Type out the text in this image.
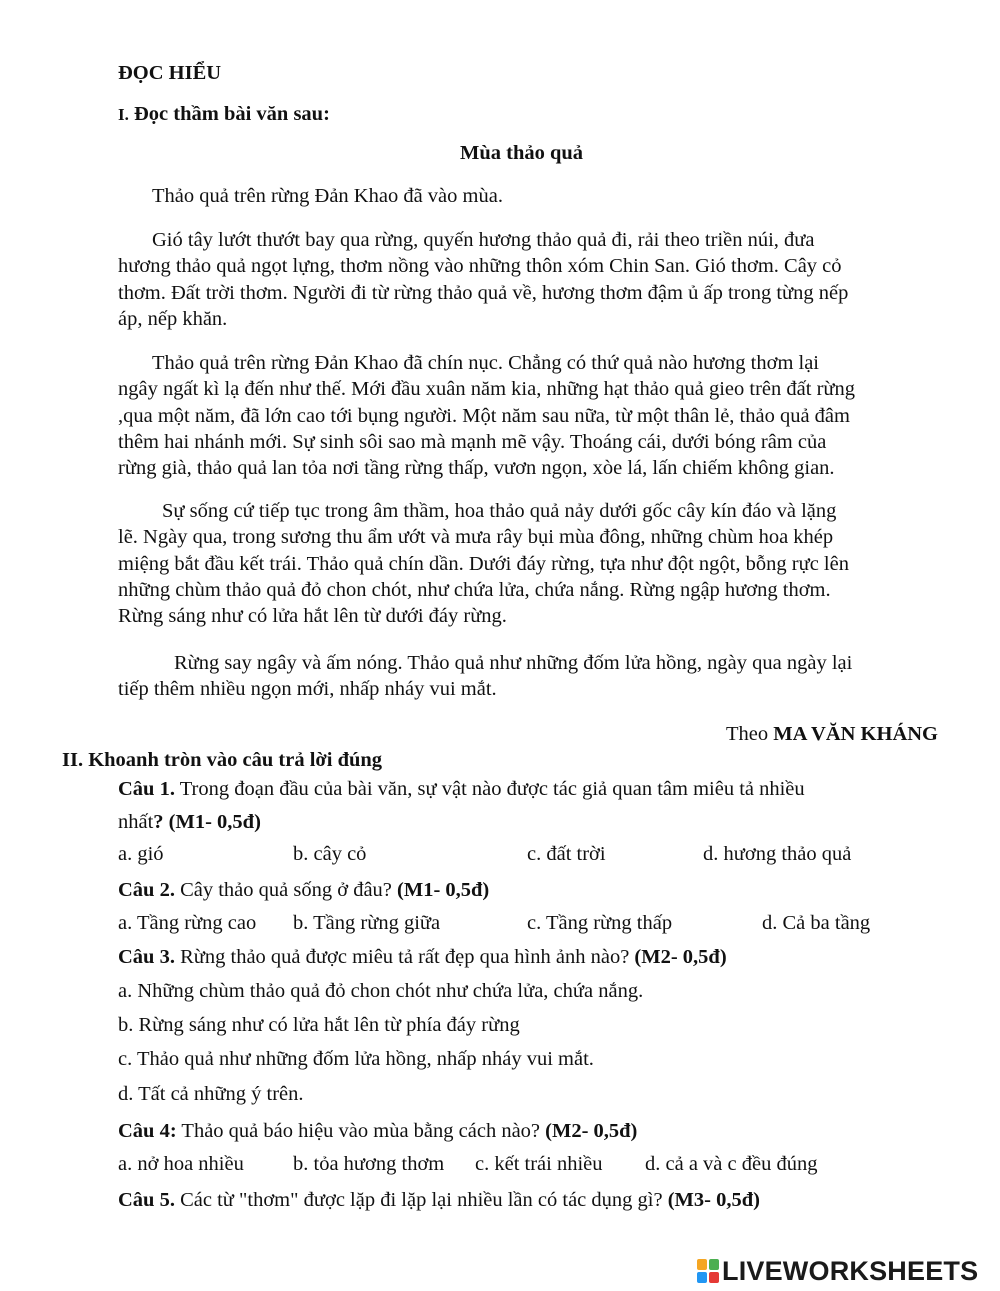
ĐỌC HIỂU
I. Đọc thầm bài văn sau:
Mùa thảo quả
Thảo quả trên rừng Đản Khao đã vào mùa.
Gió tây lướt thướt bay qua rừng, quyến hương thảo quả đi, rải theo triền núi, đưa
hương thảo quả ngọt lựng, thơm nồng vào những thôn xóm Chin San. Gió thơm. Cây cỏ
thơm. Đất trời thơm. Người đi từ rừng thảo quả về, hương thơm đậm ủ ấp trong từng nếp
áp, nếp khăn.
Thảo quả trên rừng Đản Khao đã chín nục. Chẳng có thứ quả nào hương thơm lại
ngây ngất kì lạ đến như thế. Mới đầu xuân năm kia, những hạt thảo quả gieo trên đất rừng
,qua một năm, đã lớn cao tới bụng người. Một năm sau nữa, từ một thân lẻ, thảo quả đâm
thêm hai nhánh mới. Sự sinh sôi sao mà mạnh mẽ vậy. Thoáng cái, dưới bóng râm của
rừng già, thảo quả lan tỏa nơi tầng rừng thấp, vươn ngọn, xòe lá, lấn chiếm không gian.
Sự sống cứ tiếp tục trong âm thầm, hoa thảo quả nảy dưới gốc cây kín đáo và lặng
lẽ. Ngày qua, trong sương thu ẩm ướt và mưa rây bụi mùa đông, những chùm hoa khép
miệng bắt đầu kết trái. Thảo quả chín dần. Dưới đáy rừng, tựa như đột ngột, bỗng rực lên
những chùm thảo quả đỏ chon chót, như chứa lửa, chứa nắng. Rừng ngập hương thơm.
Rừng sáng như có lửa hắt lên từ dưới đáy rừng.
Rừng say ngây và ấm nóng. Thảo quả như những đốm lửa hồng, ngày qua ngày lại
tiếp thêm nhiều ngọn mới, nhấp nháy vui mắt.
Theo MA VĂN KHÁNG
II. Khoanh tròn vào câu trả lời đúng
Câu 1. Trong đoạn đầu của bài văn, sự vật nào được tác giả quan tâm miêu tả nhiều
nhất? (M1- 0,5đ)
a. gió	b. cây cỏ	c. đất trời	d. hương thảo quả
Câu 2. Cây thảo quả sống ở đâu? (M1- 0,5đ)
a. Tầng rừng cao b. Tầng rừng giữa	c. Tầng rừng thấp	d. Cả ba tầng
Câu 3. Rừng thảo quả được miêu tả rất đẹp qua hình ảnh nào? (M2- 0,5đ)
a. Những chùm thảo quả đỏ chon chót như chứa lửa, chứa nắng.
b. Rừng sáng như có lửa hắt lên từ phía đáy rừng
c. Thảo quả như những đốm lửa hồng, nhấp nháy vui mắt.
d. Tất cả những ý trên.
Câu 4: Thảo quả báo hiệu vào mùa bằng cách nào? (M2- 0,5đ)
a. nở hoa nhiều b. tỏa hương thơm c. kết trái nhiều d. cả a và c đều đúng
Câu 5. Các từ "thơm" được lặp đi lặp lại nhiều lần có tác dụng gì? (M3- 0,5đ)
LIVEWORKSHEETS
